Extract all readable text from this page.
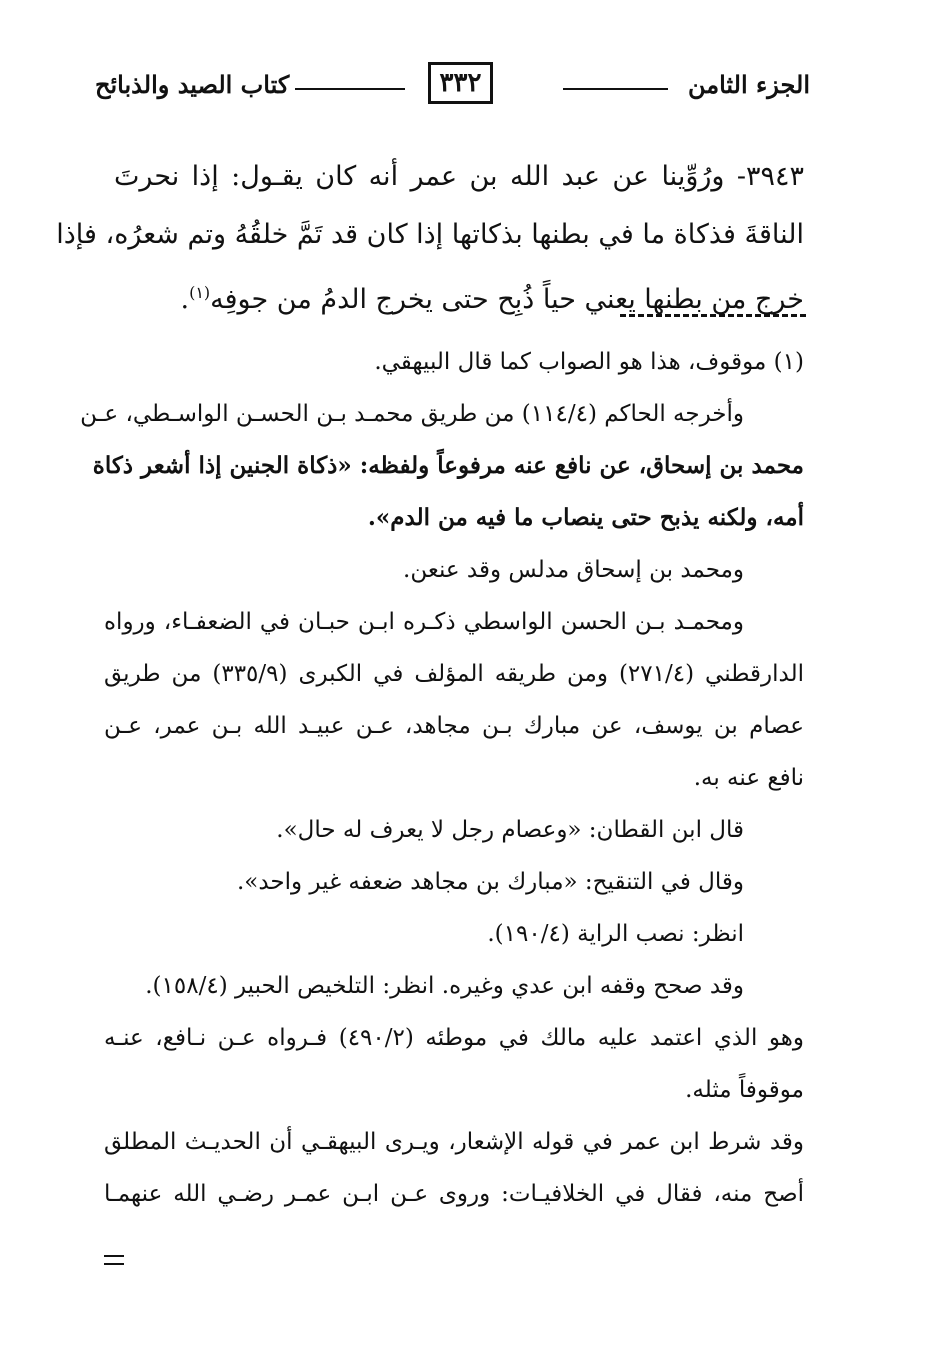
الجزء الثامن
٣٣٢
كتاب الصيد والذبائح
٣٩٤٣- ورُوِّينا عن عبد الله بن عمر أنه كان يقـول: إذا نحرتَ
الناقةَ فذكاة ما في بطنها بذكاتها إذا كان قد تَمَّ خلقُهُ وتم شعرُه، فإذا
خرج من بطنها يعني حياً ذُبِح حتى يخرج الدمُ من جوفِه$^{(١)}$.
(١) موقوف، هذا هو الصواب كما قال البيهقي.
وأخرجه الحاكم (١١٤/٤) من طريق محمـد بـن الحسـن الواسـطي، عـن
محمد بن إسحاق، عن نافع عنه مرفوعاً ولفظه: «ذكاة الجنين إذا أشعر ذكاة
أمه، ولكنه يذبح حتى ينصاب ما فيه من الدم».
ومحمد بن إسحاق مدلس وقد عنعن.
ومحمـد بـن الحسن الواسطي ذكـره ابـن حبـان في الضعفـاء، ورواه
الدارقطني (٢٧١/٤) ومن طريقه المؤلف في الكبرى (٣٣٥/٩) من طريق
عصام بن يوسف، عن مبارك بـن مجاهد، عـن عبيـد الله بـن عمر، عـن
نافع عنه به.
قال ابن القطان: «وعصام رجل لا يعرف له حال».
وقال في التنقيح: «مبارك بن مجاهد ضعفه غير واحد».
انظر: نصب الراية (١٩٠/٤).
وقد صحح وقفه ابن عدي وغيره. انظر: التلخيص الحبير (١٥٨/٤).
وهو الذي اعتمد عليه مالك في موطئه (٤٩٠/٢) فـرواه عـن نـافع، عنـه
موقوفاً مثله.
وقد شرط ابن عمر في قوله الإشعار، ويـرى البيهقـي أن الحديـث المطلق
أصح منه، فقال في الخلافيـات: وروى عـن ابـن عمـر رضـي الله عنهمـا
